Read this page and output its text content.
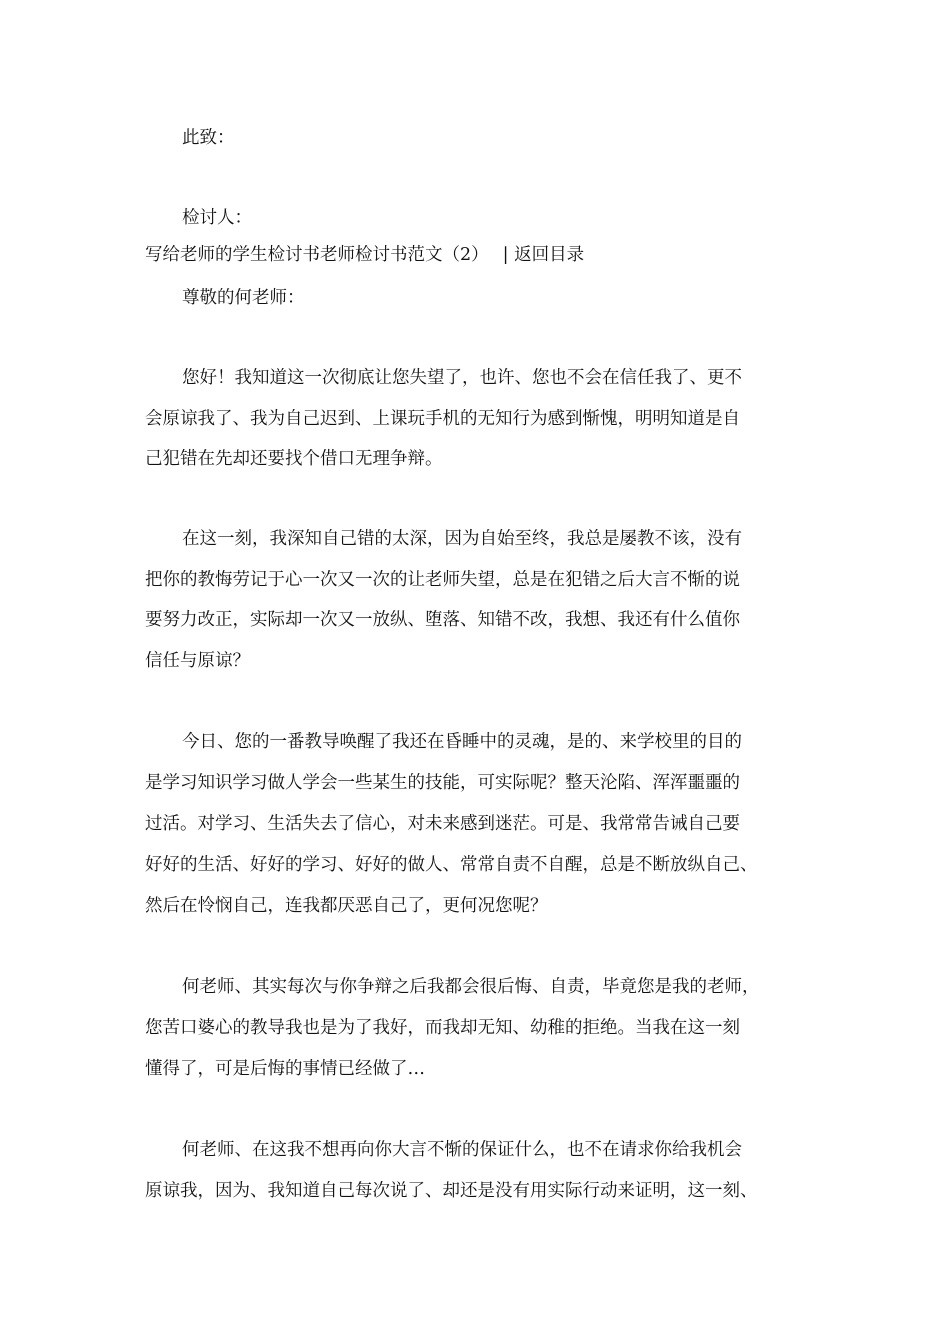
此致：
检讨人：
写给老师的学生检讨书老师检讨书范文（2） | 返回目录
尊敬的何老师：
您好！我知道这一次彻底让您失望了，也许、您也不会在信任我了、更不
会原谅我了、我为自己迟到、上课玩手机的无知行为感到惭愧，明明知道是自
己犯错在先却还要找个借口无理争辩。
在这一刻，我深知自己错的太深，因为自始至终，我总是屡教不该，没有
把你的教悔劳记于心一次又一次的让老师失望，总是在犯错之后大言不惭的说
要努力改正，实际却一次又一放纵、堕落、知错不改，我想、我还有什么值你
信任与原谅？
今日、您的一番教导唤醒了我还在昏睡中的灵魂，是的、来学校里的目的
是学习知识学习做人学会一些某生的技能，可实际呢？整天沦陷、浑浑噩噩的
过活。对学习、生活失去了信心，对未来感到迷茫。可是、我常常告诫自己要
好好的生活、好好的学习、好好的做人、常常自责不自醒，总是不断放纵自己、
然后在怜悯自己，连我都厌恶自己了，更何况您呢？
何老师、其实每次与你争辩之后我都会很后悔、自责，毕竟您是我的老师，
您苦口婆心的教导我也是为了我好，而我却无知、幼稚的拒绝。当我在这一刻
懂得了，可是后悔的事情已经做了…
何老师、在这我不想再向你大言不惭的保证什么，也不在请求你给我机会
原谅我，因为、我知道自己每次说了、却还是没有用实际行动来证明，这一刻、
